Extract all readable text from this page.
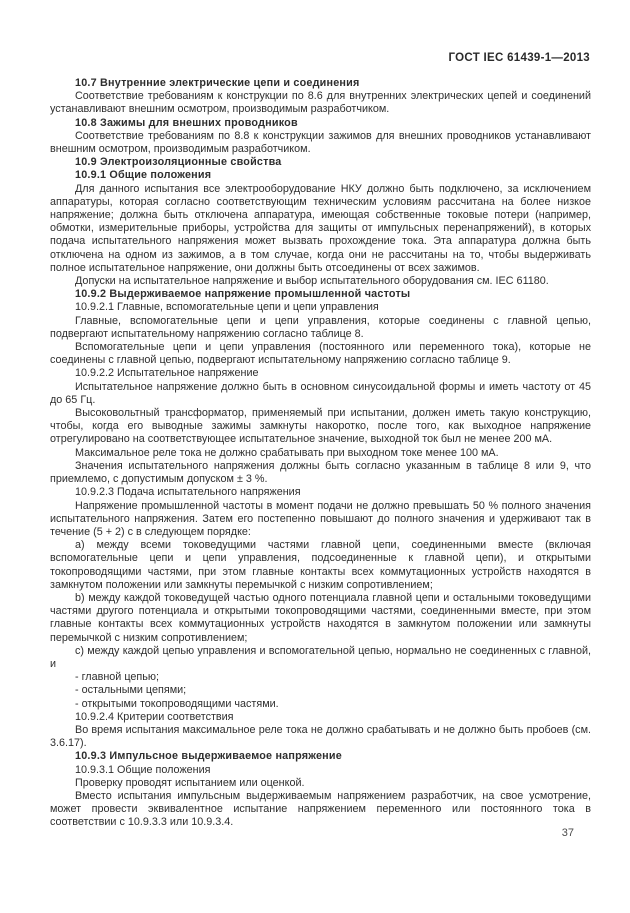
ГОСТ IEC 61439-1—2013

10.7 Внутренние электрические цепи и соединения

Соответствие требованиям к конструкции по 8.6 для внутренних электрических цепей и соединений устанавливают внешним осмотром, производимым разработчиком.

10.8 Зажимы для внешних проводников

Соответствие требованиям по 8.8 к конструкции зажимов для внешних проводников устанавливают внешним осмотром, производимым разработчиком.

10.9 Электроизоляционные свойства

10.9.1 Общие положения

Для данного испытания все электрооборудование НКУ должно быть подключено, за исключением аппаратуры, которая согласно соответствующим техническим условиям рассчитана на более низкое напряжение; должна быть отключена аппаратура, имеющая собственные токовые потери (например, обмотки, измерительные приборы, устройства для защиты от импульсных перенапряжений), в которых подача испытательного напряжения может вызвать прохождение тока. Эта аппаратура должна быть отключена на одном из зажимов, а в том случае, когда они не рассчитаны на то, чтобы выдерживать полное испытательное напряжение, они должны быть отсоединены от всех зажимов.

Допуски на испытательное напряжение и выбор испытательного оборудования см. IEC 61180.

10.9.2 Выдерживаемое напряжение промышленной частоты

10.9.2.1 Главные, вспомогательные цепи и цепи управления

Главные, вспомогательные цепи и цепи управления, которые соединены с главной цепью, подвергают испытательному напряжению согласно таблице 8.

Вспомогательные цепи и цепи управления (постоянного или переменного тока), которые не соединены с главной цепью, подвергают испытательному напряжению согласно таблице 9.

10.9.2.2 Испытательное напряжение

Испытательное напряжение должно быть в основном синусоидальной формы и иметь частоту от 45 до 65 Гц.

Высоковольтный трансформатор, применяемый при испытании, должен иметь такую конструкцию, чтобы, когда его выводные зажимы замкнуты накоротко, после того, как выходное напряжение отрегулировано на соответствующее испытательное значение, выходной ток был не менее 200 мА.

Максимальное реле тока не должно срабатывать при выходном токе менее 100 мА.

Значения испытательного напряжения должны быть согласно указанным в таблице 8 или 9, что приемлемо, с допустимым допуском ± 3 %.

10.9.2.3 Подача испытательного напряжения

Напряжение промышленной частоты в момент подачи не должно превышать 50 % полного значения испытательного напряжения. Затем его постепенно повышают до полного значения и удерживают так в течение (5 + 2) с в следующем порядке:

a) между всеми токоведущими частями главной цепи, соединенными вместе (включая вспомогательные цепи и цепи управления, подсоединенные к главной цепи), и открытыми токопроводящими частями, при этом главные контакты всех коммутационных устройств находятся в замкнутом положении или замкнуты перемычкой с низким сопротивлением;

b) между каждой токоведущей частью одного потенциала главной цепи и остальными токоведущими частями другого потенциала и открытыми токопроводящими частями, соединенными вместе, при этом главные контакты всех коммутационных устройств находятся в замкнутом положении или замкнуты перемычкой с низким сопротивлением;

c) между каждой цепью управления и вспомогательной цепью, нормально не соединенных с главной, и

- главной цепью;

- остальными цепями;

- открытыми токопроводящими частями.

10.9.2.4 Критерии соответствия

Во время испытания максимальное реле тока не должно срабатывать и не должно быть пробоев (см. 3.6.17).

10.9.3 Импульсное выдерживаемое напряжение

10.9.3.1 Общие положения

Проверку проводят испытанием или оценкой.

Вместо испытания импульсным выдерживаемым напряжением разработчик, на свое усмотрение, может провести эквивалентное испытание напряжением переменного или постоянного тока в соответствии с 10.9.3.3 или 10.9.3.4.

37
